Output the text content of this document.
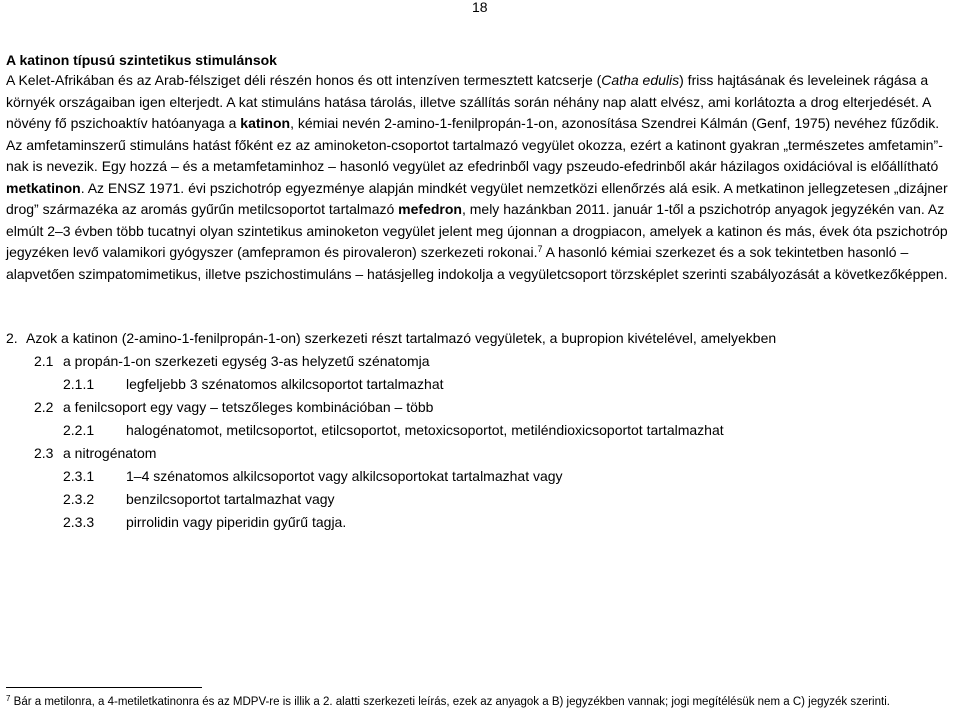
18
A katinon típusú szintetikus stimulánsok
A Kelet-Afrikában és az Arab-félsziget déli részén honos és ott intenzíven termesztett katcserje (Catha edulis) friss hajtásának és leveleinek rágása a környék országaiban igen elterjedt. A kat stimuláns hatása tárolás, illetve szállítás során néhány nap alatt elvész, ami korlátozta a drog elterjedését. A növény fő pszichoaktív hatóanyaga a katinon, kémiai nevén 2-amino-1-fenilpropán-1-on, azonosítása Szendrei Kálmán (Genf, 1975) nevéhez fűződik. Az amfetaminszerű stimuláns hatást főként ez az aminoketon-csoportot tartalmazó vegyület okozza, ezért a katinont gyakran „természetes amfetamin”-nak is nevezik. Egy hozzá – és a metamfetaminhoz – hasonló vegyület az efedrinből vagy pszeudo-efedrinből akár házilagos oxidációval is előállítható metkatinon. Az ENSZ 1971. évi pszichotróp egyezménye alapján mindkét vegyület nemzetközi ellenőrzés alá esik. A metkatinon jellegzetesen „dizájner drog” származéka az aromás gyűrűn metilcsoportot tartalmazó mefedron, mely hazánkban 2011. január 1-től a pszichotróp anyagok jegyzékén van. Az elmúlt 2–3 évben több tucatnyi olyan szintetikus aminoketon vegyület jelent meg újonnan a drogpiacon, amelyek a katinon és más, évek óta pszichotróp jegyzéken levő valamikori gyógyszer (amfepramon és pirovaleron) szerkezeti rokonai.$^7$ A hasonló kémiai szerkezet és a sok tekintetben hasonló – alapvetően szimpatomimetikus, illetve pszichostimuláns – hatásjelleg indokolja a vegyületcsoport törzsképlet szerinti szabályozását a következőképpen.
2. Azok a katinon (2-amino-1-fenilpropán-1-on) szerkezeti részt tartalmazó vegyületek, a bupropion kivételével, amelyekben
2.1 a propán-1-on szerkezeti egység 3-as helyzetű szénatomja
2.1.1 legfeljebb 3 szénatomos alkilcsoportot tartalmazhat
2.2 a fenilcsoport egy vagy – tetszőleges kombinációban – több
2.2.1 halogénatomot, metilcsoportot, etilcsoportot, metoxicsoportot, metiléndioxicsoportot tartalmazhat
2.3 a nitrogénatom
2.3.1 1–4 szénatomos alkilcsoportot vagy alkilcsoportokat tartalmazhat vagy
2.3.2 benzilcsoportot tartalmazhat vagy
2.3.3 pirrolidin vagy piperidin gyűrű tagja.
$^7$ Bár a metilonra, a 4-metiletkatinonra és az MDPV-re is illik a 2. alatti szerkezeti leírás, ezek az anyagok a B) jegyzékben vannak; jogi megítélésük nem a C) jegyzék szerinti.
